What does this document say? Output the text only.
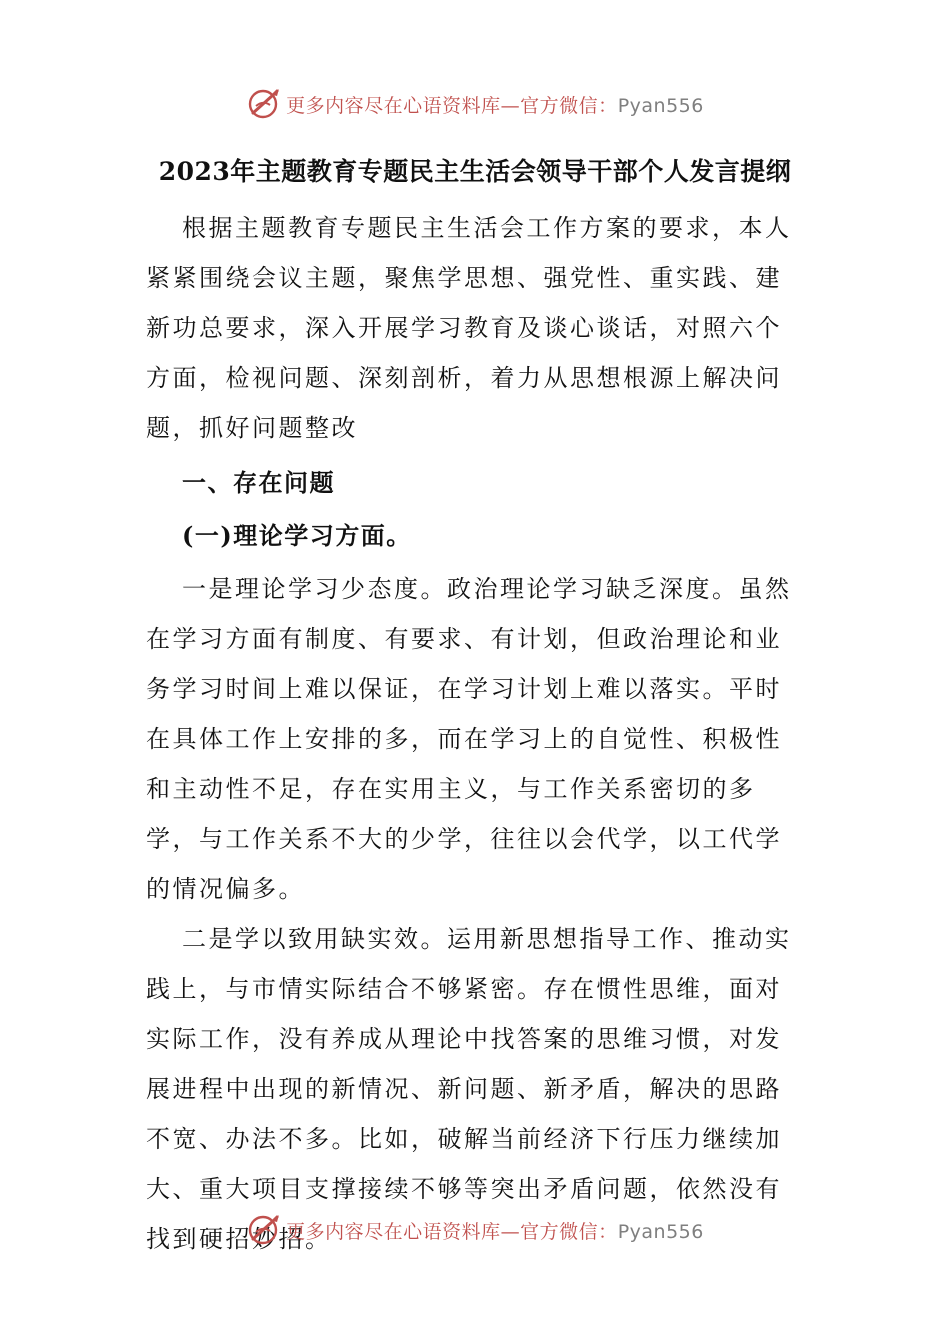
更多内容尽在心语资料库—官方微信：Pyan556
2023年主题教育专题民主生活会领导干部个人发言提纲

根据主题教育专题民主生活会工作方案的要求，本人紧紧围绕会议主题，聚焦学思想、强党性、重实践、建新功总要求，深入开展学习教育及谈心谈话，对照六个方面，检视问题、深刻剖析，着力从思想根源上解决问题，抓好问题整改

一、存在问题

(一)理论学习方面。

一是理论学习少态度。政治理论学习缺乏深度。虽然在学习方面有制度、有要求、有计划，但政治理论和业务学习时间上难以保证，在学习计划上难以落实。平时在具体工作上安排的多，而在学习上的自觉性、积极性和主动性不足，存在实用主义，与工作关系密切的多学，与工作关系不大的少学，往往以会代学，以工代学的情况偏多。

二是学以致用缺实效。运用新思想指导工作、推动实践上，与市情实际结合不够紧密。存在惯性思维，面对实际工作，没有养成从理论中找答案的思维习惯，对发展进程中出现的新情况、新问题、新矛盾，解决的思路不宽、办法不多。比如，破解当前经济下行压力继续加大、重大项目支撑接续不够等突出矛盾问题，依然没有找到硬招妙招。

更多内容尽在心语资料库—官方微信：Pyan556
